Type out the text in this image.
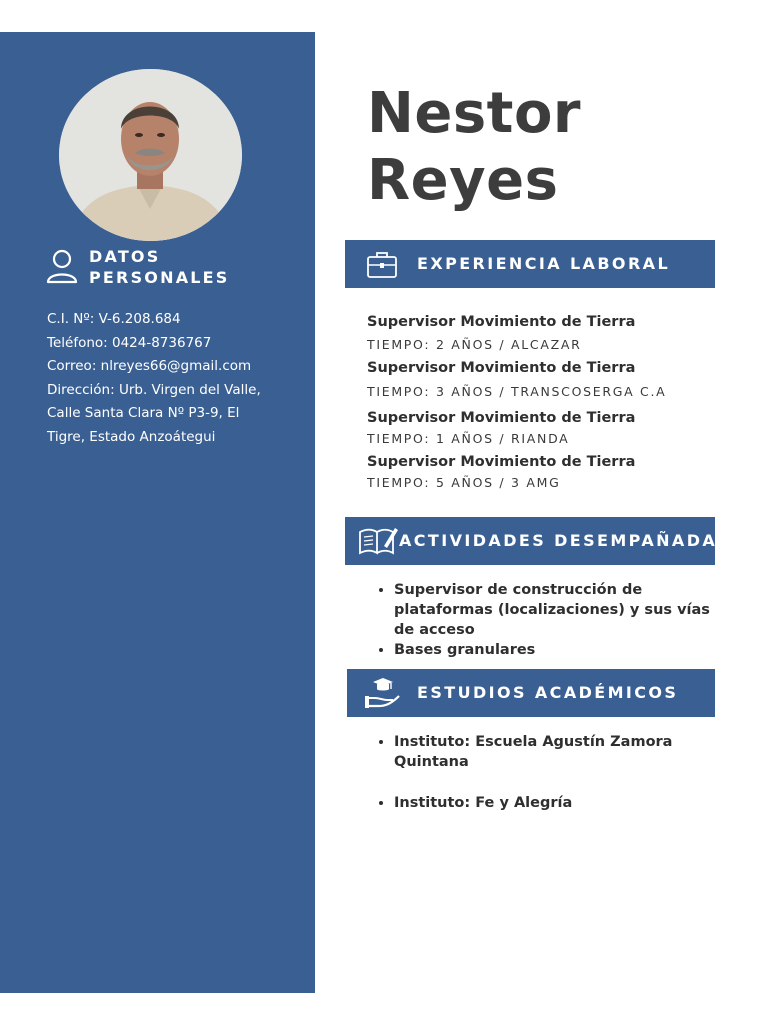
DATOS
PERSONALES
C.I. Nº: V-6.208.684
Teléfono: 0424-8736767
Correo: nlreyes66@gmail.com
Dirección: Urb. Virgen del Valle,
Calle Santa Clara Nº P3-9, El
Tigre, Estado Anzoátegui
Nestor
Reyes
EXPERIENCIA LABORAL
Supervisor Movimiento de Tierra
TIEMPO: 2 AÑOS / ALCAZAR
Supervisor Movimiento de Tierra
TIEMPO: 3 AÑOS / TRANSCOSERGA C.A
Supervisor Movimiento de Tierra
TIEMPO: 1 AÑOS / RIANDA
Supervisor Movimiento de Tierra
TIEMPO: 5 AÑOS / 3 AMG
ACTIVIDADES DESEMPAÑADAS
• Supervisor de construcción de plataformas (localizaciones) y sus vías de acceso
• Bases granulares
ESTUDIOS ACADÉMICOS
• Instituto: Escuela Agustín Zamora Quintana
• Instituto: Fe y Alegría
